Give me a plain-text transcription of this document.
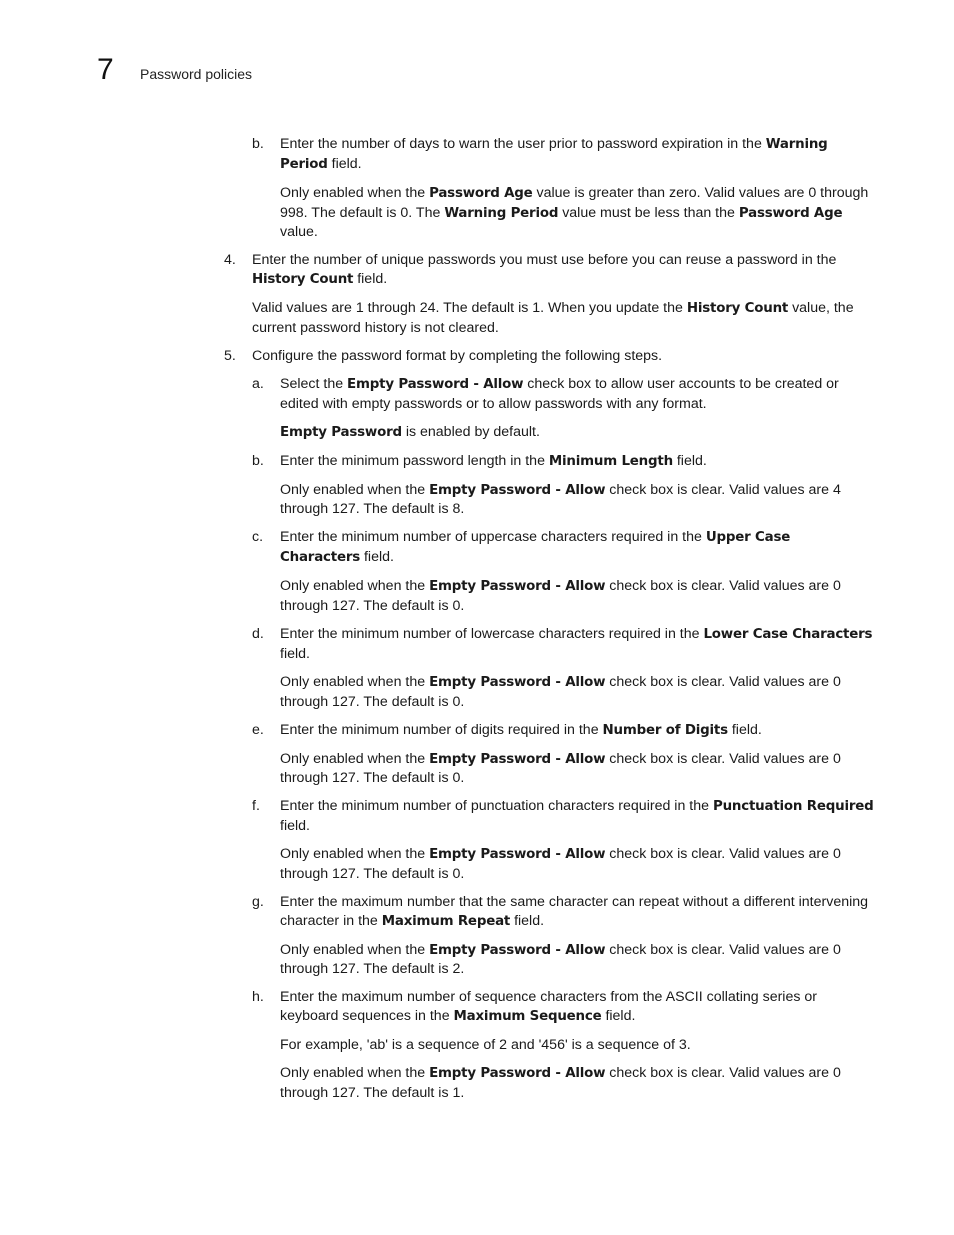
7 Password policies
b. Enter the number of days to warn the user prior to password expiration in the Warning Period field.

Only enabled when the Password Age value is greater than zero. Valid values are 0 through 998. The default is 0. The Warning Period value must be less than the Password Age value.

4. Enter the number of unique passwords you must use before you can reuse a password in the History Count field.

Valid values are 1 through 24. The default is 1. When you update the History Count value, the current password history is not cleared.

5. Configure the password format by completing the following steps.

a. Select the Empty Password - Allow check box to allow user accounts to be created or edited with empty passwords or to allow passwords with any format.

Empty Password is enabled by default.

b. Enter the minimum password length in the Minimum Length field.

Only enabled when the Empty Password - Allow check box is clear. Valid values are 4 through 127. The default is 8.

c. Enter the minimum number of uppercase characters required in the Upper Case Characters field.

Only enabled when the Empty Password - Allow check box is clear. Valid values are 0 through 127. The default is 0.

d. Enter the minimum number of lowercase characters required in the Lower Case Characters field.

Only enabled when the Empty Password - Allow check box is clear. Valid values are 0 through 127. The default is 0.

e. Enter the minimum number of digits required in the Number of Digits field.

Only enabled when the Empty Password - Allow check box is clear. Valid values are 0 through 127. The default is 0.

f. Enter the minimum number of punctuation characters required in the Punctuation Required field.

Only enabled when the Empty Password - Allow check box is clear. Valid values are 0 through 127. The default is 0.

g. Enter the maximum number that the same character can repeat without a different intervening character in the Maximum Repeat field.

Only enabled when the Empty Password - Allow check box is clear. Valid values are 0 through 127. The default is 2.

h. Enter the maximum number of sequence characters from the ASCII collating series or keyboard sequences in the Maximum Sequence field.

For example, 'ab' is a sequence of 2 and '456' is a sequence of 3.

Only enabled when the Empty Password - Allow check box is clear. Valid values are 0 through 127. The default is 1.
